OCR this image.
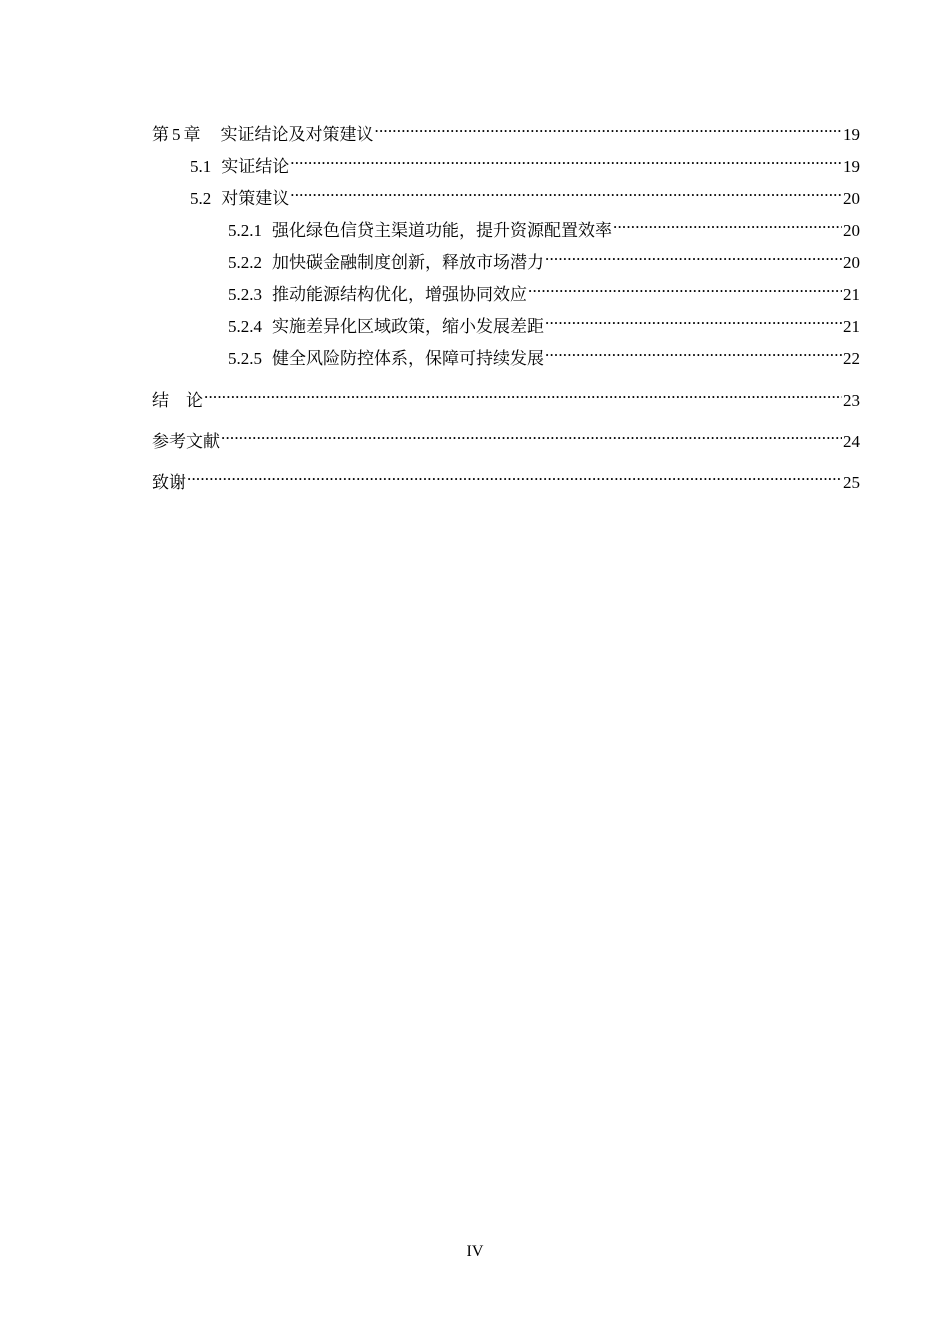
第 5 章 实证结论及对策建议 .....	19
5.1 实证结论 .....	19
5.2 对策建议 .....	20
5.2.1 强化绿色信贷主渠道功能，提升资源配置效率 .....	20
5.2.2 加快碳金融制度创新，释放市场潜力 .....	20
5.2.3 推动能源结构优化，增强协同效应 .....	21
5.2.4 实施差异化区域政策，缩小发展差距 .....	21
5.2.5 健全风险防控体系，保障可持续发展 .....	22
结　论 .....	23
参考文献 .....	24
致谢 .....	25
IV
